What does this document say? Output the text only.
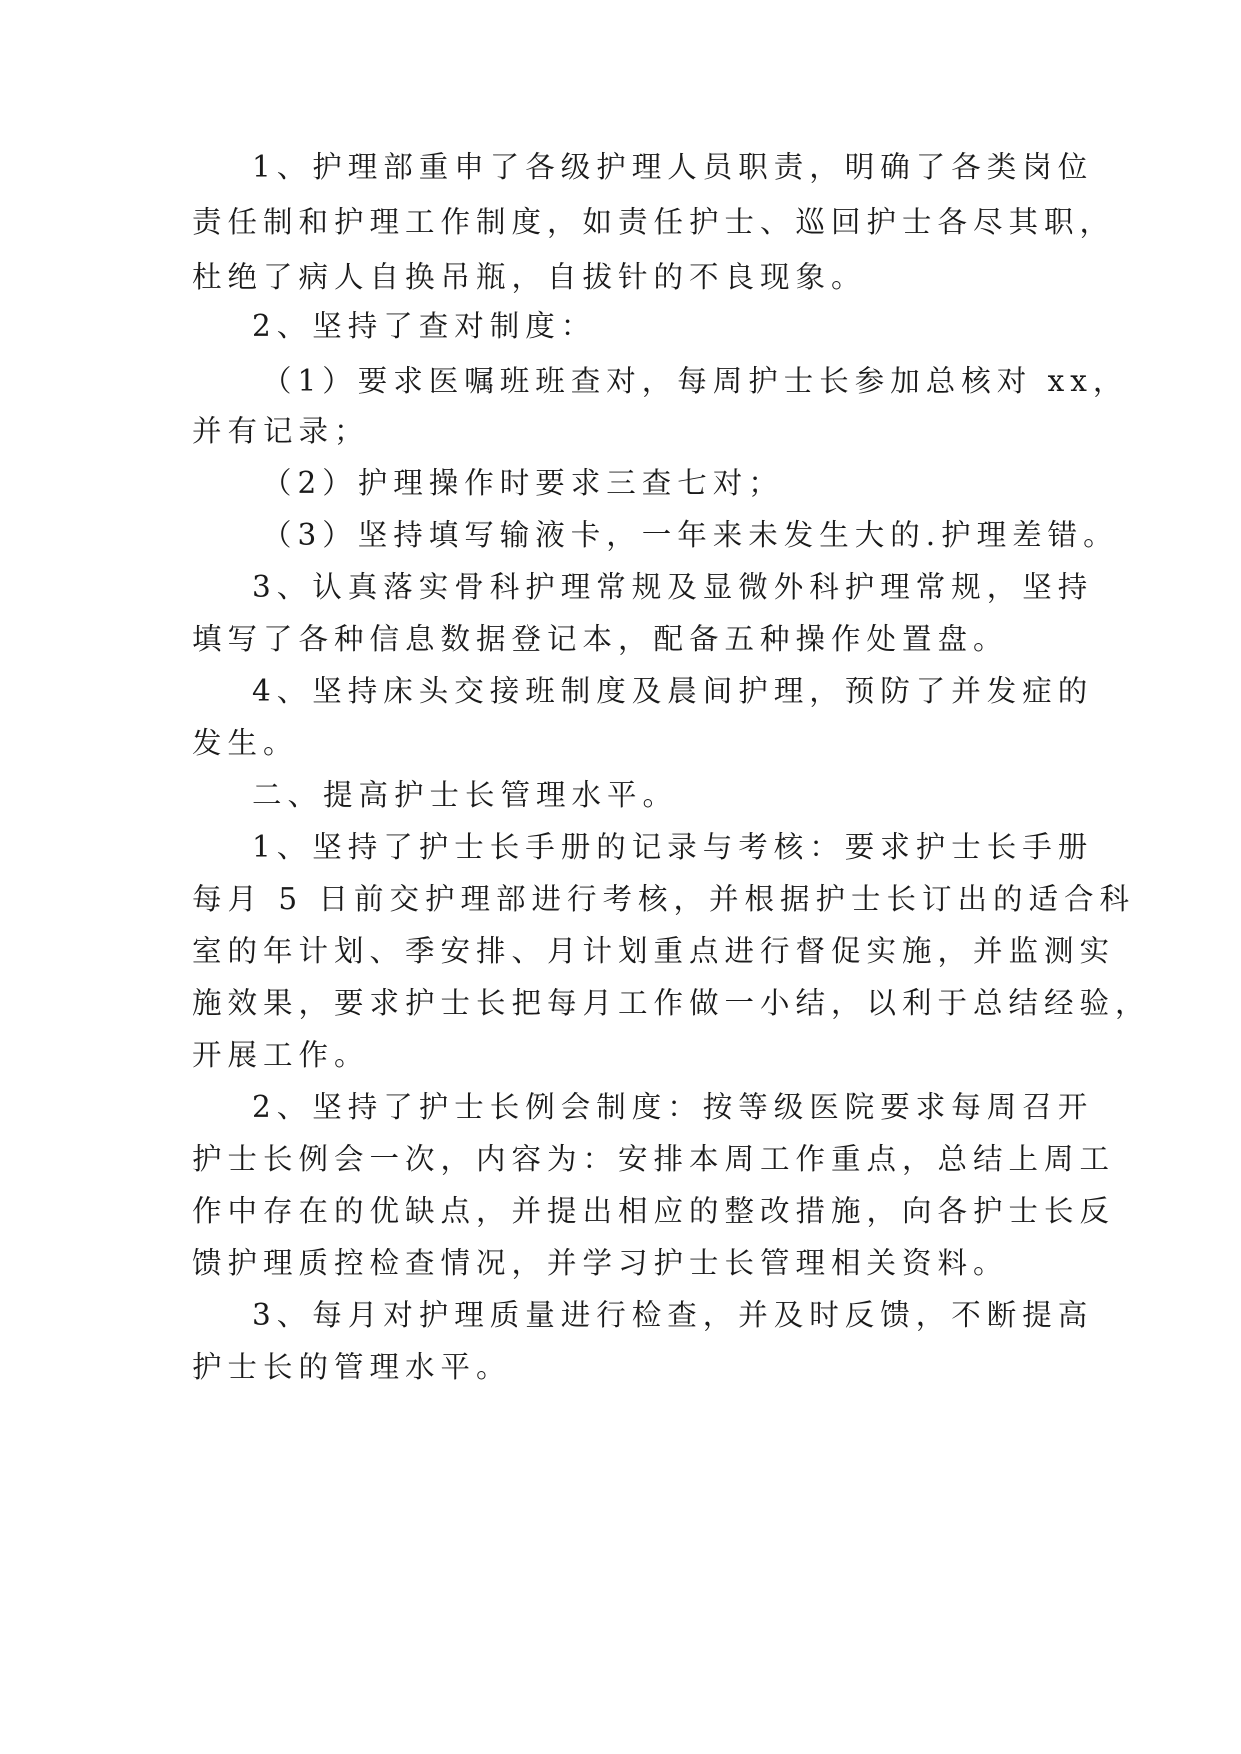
1、护理部重申了各级护理人员职责，明确了各类岗位
责任制和护理工作制度，如责任护士、巡回护士各尽其职，
杜绝了病人自换吊瓶，自拔针的不良现象。
2、坚持了查对制度：
（1）要求医嘱班班查对，每周护士长参加总核对 xx，
并有记录；
（2）护理操作时要求三查七对；
（3）坚持填写输液卡，一年来未发生大的.护理差错。
3、认真落实骨科护理常规及显微外科护理常规，坚持
填写了各种信息数据登记本，配备五种操作处置盘。
4、坚持床头交接班制度及晨间护理，预防了并发症的
发生。
二、提高护士长管理水平。
1、坚持了护士长手册的记录与考核：要求护士长手册
每月 5 日前交护理部进行考核，并根据护士长订出的适合科
室的年计划、季安排、月计划重点进行督促实施，并监测实
施效果，要求护士长把每月工作做一小结，以利于总结经验，
开展工作。
2、坚持了护士长例会制度：按等级医院要求每周召开
护士长例会一次，内容为：安排本周工作重点，总结上周工
作中存在的优缺点，并提出相应的整改措施，向各护士长反
馈护理质控检查情况，并学习护士长管理相关资料。
3、每月对护理质量进行检查，并及时反馈，不断提高
护士长的管理水平。
